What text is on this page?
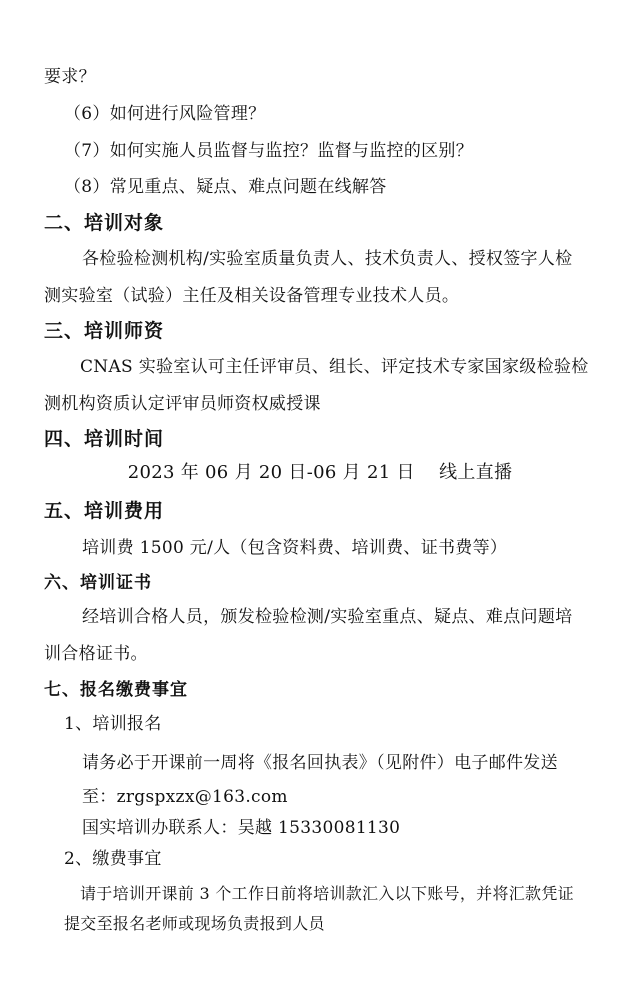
要求？
（6）如何进行风险管理？
（7）如何实施人员监督与监控？监督与监控的区别？
（8）常见重点、疑点、难点问题在线解答
二、培训对象
各检验检测机构/实验室质量负责人、技术负责人、授权签字人检
测实验室（试验）主任及相关设备管理专业技术人员。
三、培训师资
CNAS 实验室认可主任评审员、组长、评定技术专家国家级检验检
测机构资质认定评审员师资权威授课
四、培训时间
2023 年 06 月 20 日-06 月 21 日　 线上直播
五、培训费用
培训费 1500 元/人（包含资料费、培训费、证书费等）
六、培训证书
经培训合格人员，颁发检验检测/实验室重点、疑点、难点问题培
训合格证书。
七、报名缴费事宜
1、培训报名
请务必于开课前一周将《报名回执表》（见附件）电子邮件发送
至：zrgspxzx@163.com
国实培训办联系人：吴越 15330081130
2、缴费事宜
请于培训开课前 3 个工作日前将培训款汇入以下账号，并将汇款凭证
提交至报名老师或现场负责报到人员
